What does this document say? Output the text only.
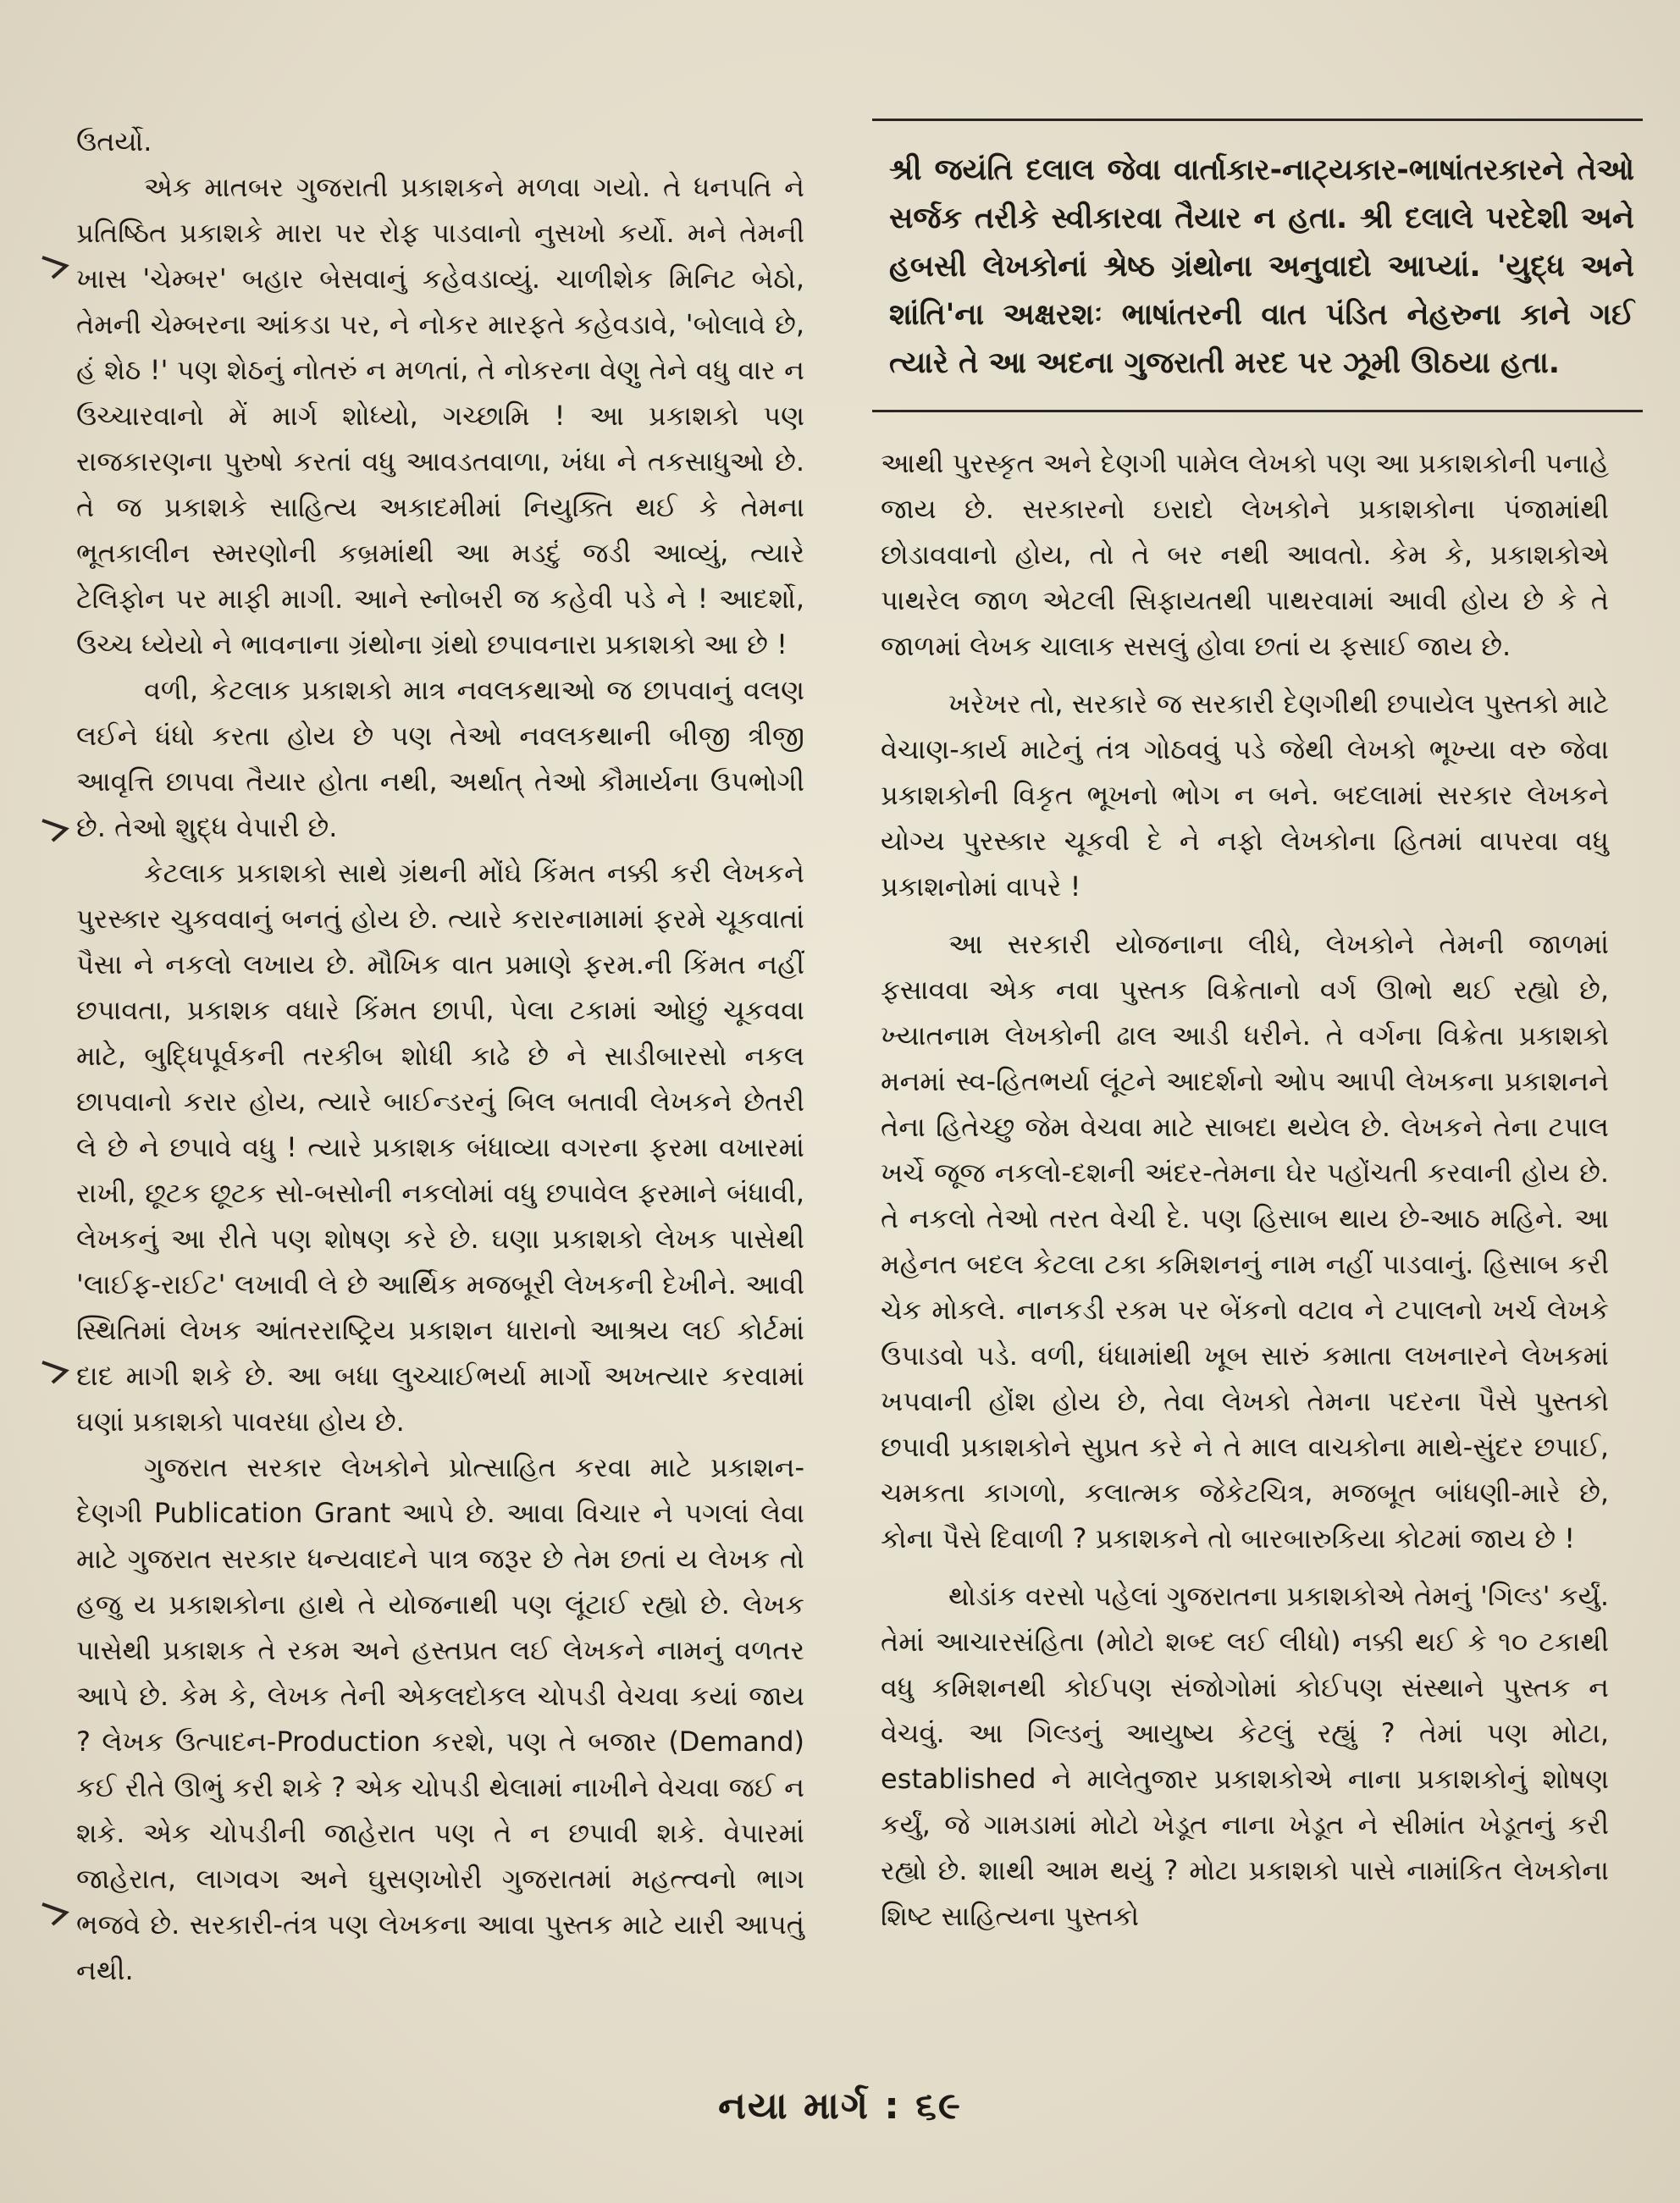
ઉતર્યો.

એક માતબર ગુજરાતી પ્રકાશકને મળવા ગયો. તે ધનપતિ ને પ્રતિષ્ઠિત પ્રકાશકે મારા પર રોફ પાડવાનો નુસખો કર્યો. મને તેમની ખાસ 'ચેમ્બર' બહાર બેસવાનું કહેવડાવ્યું. ચાળીશેક મિનિટ બેઠો, તેમની ચેમ્બરના આંકડા પર, ને નોકર મારફતે કહેવડાવે, 'બોલાવે છે, હં શેઠ !' પણ શેઠનું નોતરું ન મળતાં, તે નોકરના વેણુ તેને વધુ વાર ન ઉચ્ચારવાનો મેં માર્ગ શોધ્યો, ગચ્છામિ ! આ પ્રકાશકો પણ રાજકારણના પુરુષો કરતાં વધુ આવડતવાળા, ખંધા ને તકસાધુઓ છે. તે જ પ્રકાશકે સાહિત્ય અકાદમીમાં નિયુક્તિ થઈ કે તેમના ભૂતકાલીન સ્મરણોની કબ્રમાંથી આ મડદું જડી આવ્યું, ત્યારે ટેલિફોન પર માફી માગી. આને સ્નોબરી જ કહેવી પડે ને ! આદર્શો, ઉચ્ચ ધ્યેયો ને ભાવનાના ગ્રંથોના ગ્રંથો છપાવનારા પ્રકાશકો આ છે !

વળી, કેટલાક પ્રકાશકો માત્ર નવલકથાઓ જ છાપવાનું વલણ લઈને ધંધો કરતા હોય છે પણ તેઓ નવલકથાની બીજી ત્રીજી આવૃત્તિ છાપવા તૈયાર હોતા નથી, અર્થાત્ તેઓ કૌમાર્યના ઉપભોગી છે. તેઓ શુદ્ધ વેપારી છે.

કેટલાક પ્રકાશકો સાથે ગ્રંથની મોંઘે કિંમત નક્કી કરી લેખકને પુરસ્કાર ચુકવવાનું બનતું હોય છે. ત્યારે કરારનામામાં ફરમે ચૂકવાતાં પૈસા ને નકલો લખાય છે. મૌખિક વાત પ્રમાણે ફરમ.ની કિંમત નહીં છપાવતા, પ્રકાશક વધારે કિંમત છાપી, પેલા ટકામાં ઓછું ચૂકવવા માટે, બુદ્ધિપૂર્વકની તરકીબ શોધી કાઢે છે ને સાડીબારસો નકલ છાપવાનો કરાર હોય, ત્યારે બાઈન્ડરનું બિલ બતાવી લેખકને છેતરી લે છે ને છપાવે વધુ ! ત્યારે પ્રકાશક બંધાવ્યા વગરના ફરમા વખારમાં રાખી, છૂટક છૂટક સો-બસોની નકલોમાં વધુ છપાવેલ ફરમાને બંધાવી, લેખકનું આ રીતે પણ શોષણ કરે છે. ઘણા પ્રકાશકો લેખક પાસેથી 'લાઈફ-રાઈટ' લખાવી લે છે આર્થિક મજબૂરી લેખકની દેખીને. આવી સ્થિતિમાં લેખક આંતરરાષ્ટ્રિય પ્રકાશન ધારાનો આશ્રય લઈ કોર્ટમાં દાદ માગી શકે છે. આ બધા લુચ્ચાઈભર્યા માર્ગો અખત્યાર કરવામાં ઘણાં પ્રકાશકો પાવરધા હોય છે.

ગુજરાત સરકાર લેખકોને પ્રોત્સાહિત કરવા માટે પ્રકાશન-દેણગી Publication Grant આપે છે. આવા વિચાર ને પગલાં લેવા માટે ગુજરાત સરકાર ધન્યવાદને પાત્ર જરૂર છે તેમ છતાં ય લેખક તો હજુ ય પ્રકાશકોના હાથે તે યોજનાથી પણ લૂંટાઈ રહ્યો છે. લેખક પાસેથી પ્રકાશક તે રકમ અને હસ્તપ્રત લઈ લેખકને નામનું વળતર આપે છે. કેમ કે, લેખક તેની એકલદોકલ ચોપડી વેચવા કયાં જાય ? લેખક ઉત્પાદન-Production કરશે, પણ તે બજાર (Demand) કઈ રીતે ઊભું કરી શકે ? એક ચોપડી થેલામાં નાખીને વેચવા જઈ ન શકે. એક ચોપડીની જાહેરાત પણ તે ન છપાવી શકે. વેપારમાં જાહેરાત, લાગવગ અને ઘુસણખોરી ગુજરાતમાં મહત્ત્વનો ભાગ ભજવે છે. સરકારી-તંત્ર પણ લેખકના આવા પુસ્તક માટે યારી આપતું નથી.

શ્રી જયંતિ દલાલ જેવા વાર્તાકાર-નાટ્યકાર-ભાષાંતરકારને તેઓ સર્જક તરીકે સ્વીકારવા તૈયાર ન હતા. શ્રી દલાલે પરદેશી અને હબસી લેખકોનાં શ્રેષ્ઠ ગ્રંથોના અનુવાદો આપ્યાં. 'યુદ્ધ અને શાંતિ'ના અક્ષરશઃ ભાષાંતરની વાત પંડિત નેહરુના કાને ગઈ ત્યારે તે આ અદના ગુજરાતી મરદ પર ઝૂમી ઊઠયા હતા.

આથી પુરસ્કૃત અને દેણગી પામેલ લેખકો પણ આ પ્રકાશકોની પનાહે જાય છે. સરકારનો ઇરાદો લેખકોને પ્રકાશકોના પંજામાંથી છોડાવવાનો હોય, તો તે બર નથી આવતો. કેમ કે, પ્રકાશકોએ પાથરેલ જાળ એટલી સિફાયતથી પાથરવામાં આવી હોય છે કે તે જાળમાં લેખક ચાલાક સસલું હોવા છતાં ય ફસાઈ જાય છે.

ખરેખર તો, સરકારે જ સરકારી દેણગીથી છપાયેલ પુસ્તકો માટે વેચાણ-કાર્ય માટેનું તંત્ર ગોઠવવું પડે જેથી લેખકો ભૂખ્યા વરુ જેવા પ્રકાશકોની વિકૃત ભૂખનો ભોગ ન બને. બદલામાં સરકાર લેખકને યોગ્ય પુરસ્કાર ચૂકવી દે ને નફો લેખકોના હિતમાં વાપરવા વધુ પ્રકાશનોમાં વાપરે !

આ સરકારી યોજનાના લીધે, લેખકોને તેમની જાળમાં ફસાવવા એક નવા પુસ્તક વિક્રેતાનો વર્ગ ઊભો થઈ રહ્યો છે, ખ્યાતનામ લેખકોની ઢાલ આડી ધરીને. તે વર્ગના વિક્રેતા પ્રકાશકો મનમાં સ્વ-હિતભર્યા લૂંટને આદર્શનો ઓપ આપી લેખકના પ્રકાશનને તેના હિતેચ્છુ જેમ વેચવા માટે સાબદા થયેલ છે. લેખકને તેના ટપાલ ખર્ચે જૂજ નકલો-દશની અંદર-તેમના ઘેર પહોંચતી કરવાની હોય છે. તે નકલો તેઓ તરત વેચી દે. પણ હિસાબ થાય છે-આઠ મહિને. આ મહેનત બદલ કેટલા ટકા કમિશનનું નામ નહીં પાડવાનું. હિસાબ કરી ચેક મોકલે. નાનકડી રકમ પર બેંકનો વટાવ ને ટપાલનો ખર્ચ લેખકે ઉપાડવો પડે. વળી, ધંધામાંથી ખૂબ સારું કમાતા લખનારને લેખકમાં ખપવાની હોંશ હોય છે, તેવા લેખકો તેમના પદરના પૈસે પુસ્તકો છપાવી પ્રકાશકોને સુપ્રત કરે ને તે માલ વાચકોના માથે-સુંદર છપાઈ, ચમકતા કાગળો, કલાત્મક જેકેટચિત્ર, મજબૂત બાંધણી-મારે છે, કોના પૈસે દિવાળી ? પ્રકાશકને તો બારબારુકિયા કોટમાં જાય છે !

થોડાંક વરસો પહેલાં ગુજરાતના પ્રકાશકોએ તેમનું 'ગિલ્ડ' કર્યું. તેમાં આચારસંહિતા (મોટો શબ્દ લઈ લીધો) નક્કી થઈ કે ૧૦ ટકાથી વધુ કમિશનથી કોઈપણ સંજોગોમાં કોઈપણ સંસ્થાને પુસ્તક ન વેચવું. આ ગિલ્ડનું આયુષ્ય કેટલું રહ્યું ? તેમાં પણ મોટા, established ને માલેતુજાર પ્રકાશકોએ નાના પ્રકાશકોનું શોષણ કર્યું, જે ગામડામાં મોટો ખેડૂત નાના ખેડૂત ને સીમાંત ખેડૂતનું કરી રહ્યો છે. શાથી આમ થયું ? મોટા પ્રકાશકો પાસે નામાંકિત લેખકોના શિષ્ટ સાહિત્યના પુસ્તકો

નયા માર્ગ : ૬૯
